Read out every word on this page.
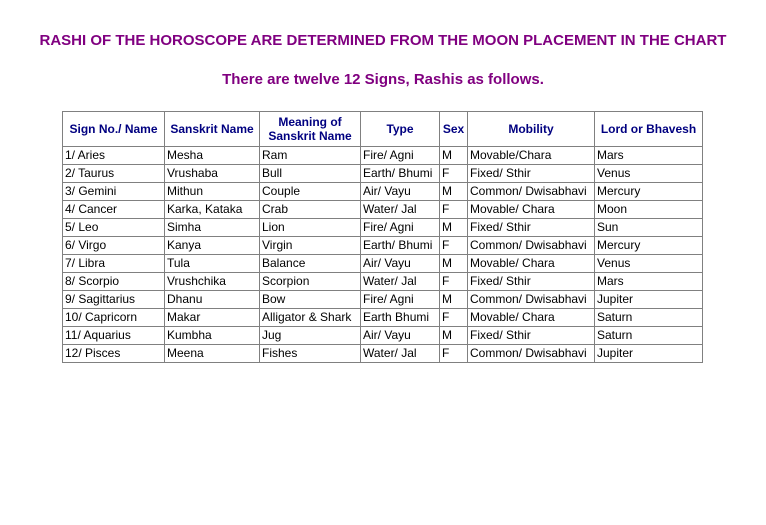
RASHI OF THE HOROSCOPE ARE DETERMINED FROM THE MOON PLACEMENT IN THE CHART

There are twelve 12 Signs, Rashis as follows.

Sign No./ Name	Sanskrit Name	Meaning of Sanskrit Name	Type	Sex	Mobility	Lord or Bhavesh
1/ Aries	Mesha	Ram	Fire/ Agni	M	Movable/Chara	Mars
2/ Taurus	Vrushaba	Bull	Earth/ Bhumi	F	Fixed/ Sthir	Venus
3/ Gemini	Mithun	Couple	Air/ Vayu	M	Common/ Dwisabhavi	Mercury
4/ Cancer	Karka, Kataka	Crab	Water/ Jal	F	Movable/ Chara	Moon
5/ Leo	Simha	Lion	Fire/ Agni	M	Fixed/ Sthir	Sun
6/ Virgo	Kanya	Virgin	Earth/ Bhumi	F	Common/ Dwisabhavi	Mercury
7/ Libra	Tula	Balance	Air/ Vayu	M	Movable/ Chara	Venus
8/ Scorpio	Vrushchika	Scorpion	Water/ Jal	F	Fixed/ Sthir	Mars
9/ Sagittarius	Dhanu	Bow	Fire/ Agni	M	Common/ Dwisabhavi	Jupiter
10/ Capricorn	Makar	Alligator & Shark	Earth Bhumi	F	Movable/ Chara	Saturn
11/ Aquarius	Kumbha	Jug	Air/ Vayu	M	Fixed/ Sthir	Saturn
12/ Pisces	Meena	Fishes	Water/ Jal	F	Common/ Dwisabhavi	Jupiter
